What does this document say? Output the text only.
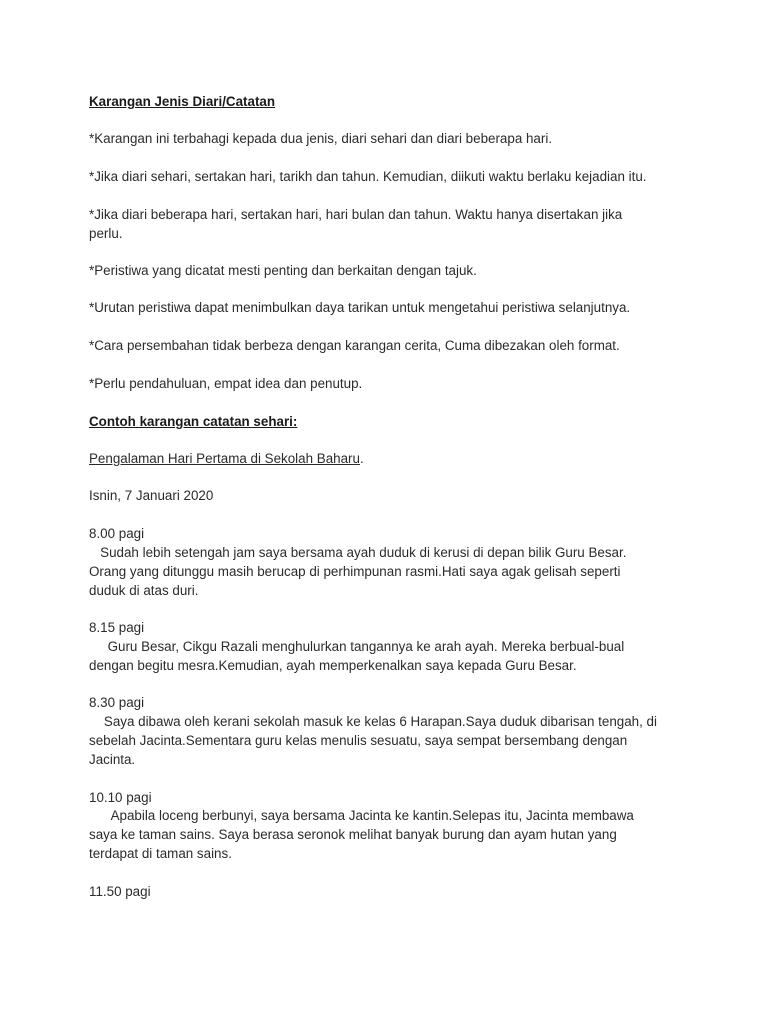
Karangan Jenis Diari/Catatan
*Karangan ini terbahagi kepada dua jenis, diari sehari dan diari beberapa hari.
*Jika diari sehari, sertakan hari, tarikh dan tahun. Kemudian, diikuti waktu berlaku kejadian itu.
*Jika diari beberapa hari, sertakan hari, hari bulan dan tahun. Waktu hanya disertakan jika
perlu.
*Peristiwa yang dicatat mesti penting dan berkaitan dengan tajuk.
*Urutan peristiwa dapat menimbulkan daya tarikan untuk mengetahui peristiwa selanjutnya.
*Cara persembahan tidak berbeza dengan karangan cerita, Cuma dibezakan oleh format.
*Perlu pendahuluan, empat idea dan penutup.
Contoh karangan catatan sehari:
Pengalaman Hari Pertama di Sekolah Baharu.
Isnin, 7 Januari 2020
8.00 pagi
Sudah lebih setengah jam saya bersama ayah duduk di kerusi di depan bilik Guru Besar.
Orang yang ditunggu masih berucap di perhimpunan rasmi.Hati saya agak gelisah seperti
duduk di atas duri.
8.15 pagi
Guru Besar, Cikgu Razali menghulurkan tangannya ke arah ayah. Mereka berbual-bual
dengan begitu mesra.Kemudian, ayah memperkenalkan saya kepada Guru Besar.
8.30 pagi
Saya dibawa oleh kerani sekolah masuk ke kelas 6 Harapan.Saya duduk dibarisan tengah, di
sebelah Jacinta.Sementara guru kelas menulis sesuatu, saya sempat bersembang dengan
Jacinta.
10.10 pagi
Apabila loceng berbunyi, saya bersama Jacinta ke kantin.Selepas itu, Jacinta membawa
saya ke taman sains. Saya berasa seronok melihat banyak burung dan ayam hutan yang
terdapat di taman sains.
11.50 pagi
